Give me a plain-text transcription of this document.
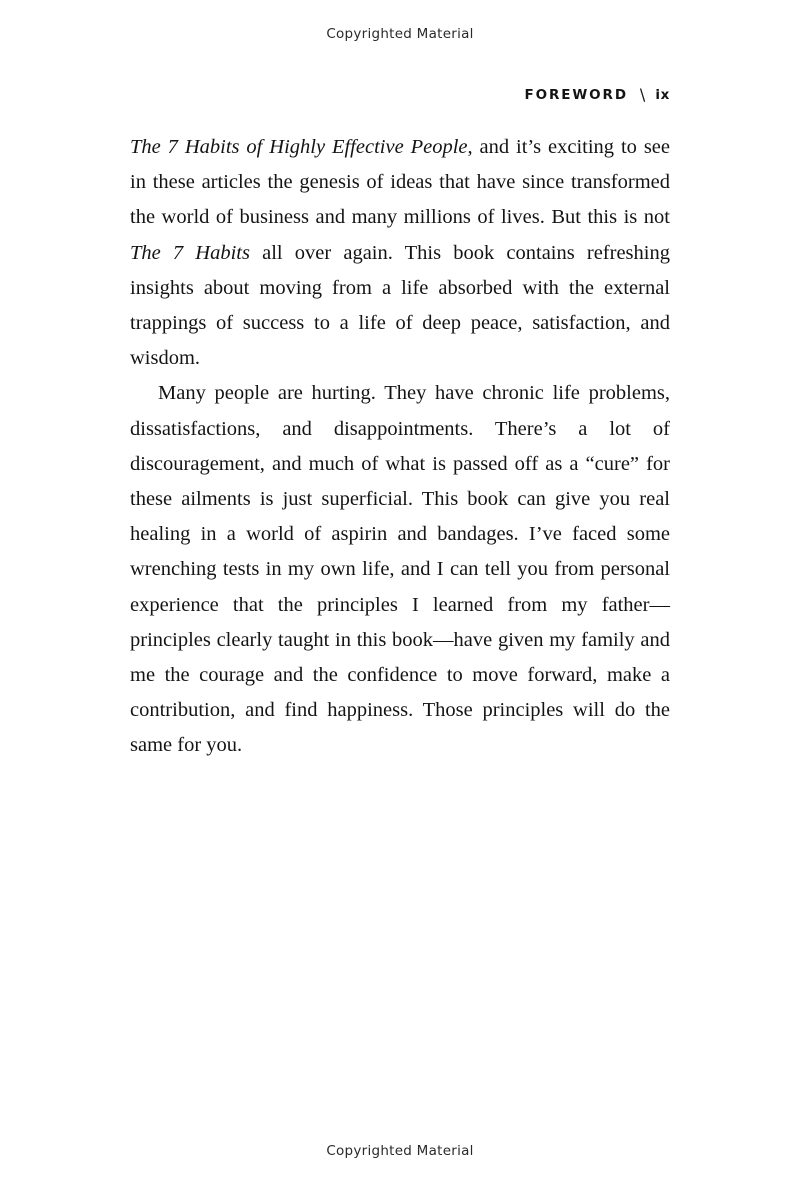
Copyrighted Material
FOREWORD \ ix

The 7 Habits of Highly Effective People, and it’s exciting to see in these articles the genesis of ideas that have since transformed the world of business and many millions of lives. But this is not The 7 Habits all over again. This book contains refreshing insights about moving from a life absorbed with the external trappings of success to a life of deep peace, satisfaction, and wisdom.

Many people are hurting. They have chronic life problems, dissatisfactions, and disappointments. There’s a lot of discouragement, and much of what is passed off as a “cure” for these ailments is just superficial. This book can give you real healing in a world of aspirin and bandages. I’ve faced some wrenching tests in my own life, and I can tell you from personal experience that the principles I learned from my father—principles clearly taught in this book—have given my family and me the courage and the confidence to move forward, make a contribution, and find happiness. Those principles will do the same for you.

Copyrighted Material
